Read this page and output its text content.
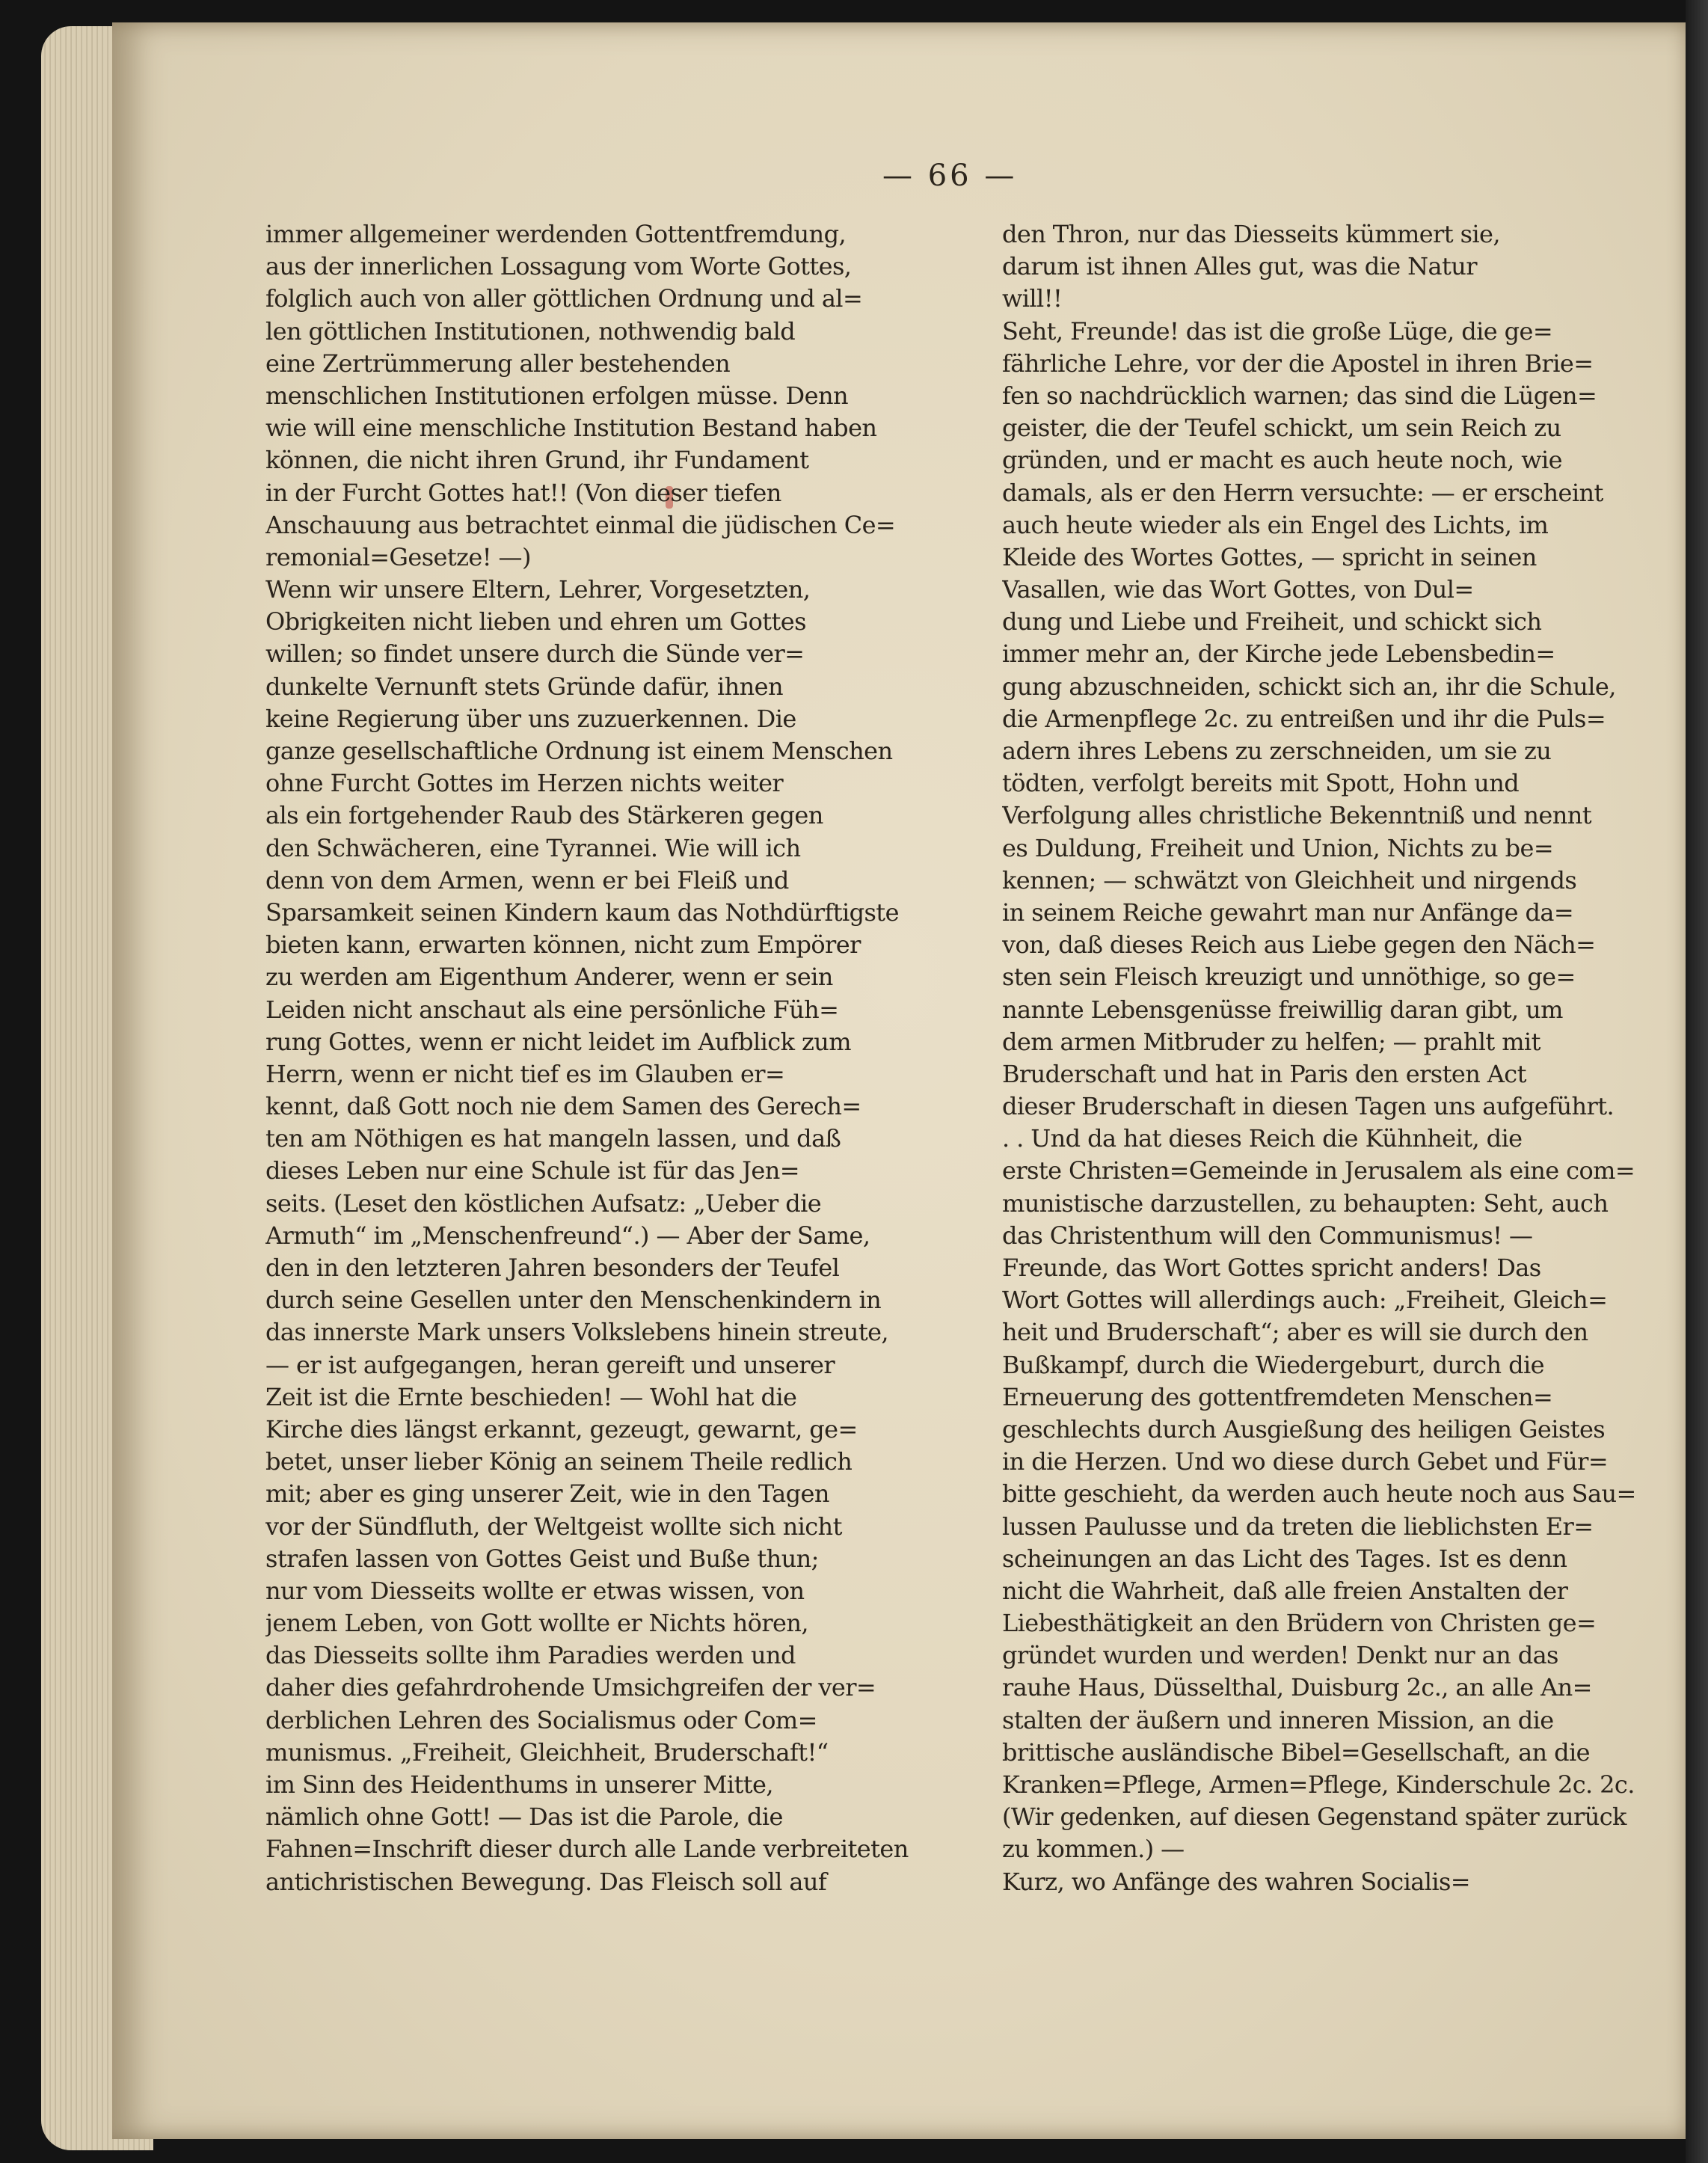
— 66 —
immer allgemeiner werdenden Gottentfremdung,
aus der innerlichen Lossagung vom Worte Gottes,
folglich auch von aller göttlichen Ordnung und al=
len göttlichen Institutionen, nothwendig bald
eine Zertrümmerung aller bestehenden
menschlichen Institutionen erfolgen müsse. Denn
wie will eine menschliche Institution Bestand haben
können, die nicht ihren Grund, ihr Fundament
in der Furcht Gottes hat!! (Von dieser tiefen
Anschauung aus betrachtet einmal die jüdischen Ce=
remonial=Gesetze! —)
Wenn wir unsere Eltern, Lehrer, Vorgesetzten,
Obrigkeiten nicht lieben und ehren um Gottes
willen; so findet unsere durch die Sünde ver=
dunkelte Vernunft stets Gründe dafür, ihnen
keine Regierung über uns zuzuerkennen. Die
ganze gesellschaftliche Ordnung ist einem Menschen
ohne Furcht Gottes im Herzen nichts weiter
als ein fortgehender Raub des Stärkeren gegen
den Schwächeren, eine Tyrannei. Wie will ich
denn von dem Armen, wenn er bei Fleiß und
Sparsamkeit seinen Kindern kaum das Nothdürftigste
bieten kann, erwarten können, nicht zum Empörer
zu werden am Eigenthum Anderer, wenn er sein
Leiden nicht anschaut als eine persönliche Füh=
rung Gottes, wenn er nicht leidet im Aufblick zum
Herrn, wenn er nicht tief es im Glauben er=
kennt, daß Gott noch nie dem Samen des Gerech=
ten am Nöthigen es hat mangeln lassen, und daß
dieses Leben nur eine Schule ist für das Jen=
seits. (Leset den köstlichen Aufsatz: „Ueber die
Armuth“ im „Menschenfreund“.) — Aber der Same,
den in den letzteren Jahren besonders der Teufel
durch seine Gesellen unter den Menschenkindern in
das innerste Mark unsers Volkslebens hinein streute,
— er ist aufgegangen, heran gereift und unserer
Zeit ist die Ernte beschieden! — Wohl hat die
Kirche dies längst erkannt, gezeugt, gewarnt, ge=
betet, unser lieber König an seinem Theile redlich
mit; aber es ging unserer Zeit, wie in den Tagen
vor der Sündfluth, der Weltgeist wollte sich nicht
strafen lassen von Gottes Geist und Buße thun;
nur vom Diesseits wollte er etwas wissen, von
jenem Leben, von Gott wollte er Nichts hören,
das Diesseits sollte ihm Paradies werden und
daher dies gefahrdrohende Umsichgreifen der ver=
derblichen Lehren des Socialismus oder Com=
munismus. „Freiheit, Gleichheit, Bruderschaft!“
im Sinn des Heidenthums in unserer Mitte,
nämlich ohne Gott! — Das ist die Parole, die
Fahnen=Inschrift dieser durch alle Lande verbreiteten
antichristischen Bewegung. Das Fleisch soll auf
den Thron, nur das Diesseits kümmert sie,
darum ist ihnen Alles gut, was die Natur
will!!
Seht, Freunde! das ist die große Lüge, die ge=
fährliche Lehre, vor der die Apostel in ihren Brie=
fen so nachdrücklich warnen; das sind die Lügen=
geister, die der Teufel schickt, um sein Reich zu
gründen, und er macht es auch heute noch, wie
damals, als er den Herrn versuchte: — er erscheint
auch heute wieder als ein Engel des Lichts, im
Kleide des Wortes Gottes, — spricht in seinen
Vasallen, wie das Wort Gottes, von Dul=
dung und Liebe und Freiheit, und schickt sich
immer mehr an, der Kirche jede Lebensbedin=
gung abzuschneiden, schickt sich an, ihr die Schule,
die Armenpflege 2c. zu entreißen und ihr die Puls=
adern ihres Lebens zu zerschneiden, um sie zu
tödten, verfolgt bereits mit Spott, Hohn und
Verfolgung alles christliche Bekenntniß und nennt
es Duldung, Freiheit und Union, Nichts zu be=
kennen; — schwätzt von Gleichheit und nirgends
in seinem Reiche gewahrt man nur Anfänge da=
von, daß dieses Reich aus Liebe gegen den Näch=
sten sein Fleisch kreuzigt und unnöthige, so ge=
nannte Lebensgenüsse freiwillig daran gibt, um
dem armen Mitbruder zu helfen; — prahlt mit
Bruderschaft und hat in Paris den ersten Act
dieser Bruderschaft in diesen Tagen uns aufgeführt.
. . Und da hat dieses Reich die Kühnheit, die
erste Christen=Gemeinde in Jerusalem als eine com=
munistische darzustellen, zu behaupten: Seht, auch
das Christenthum will den Communismus! —
Freunde, das Wort Gottes spricht anders! Das
Wort Gottes will allerdings auch: „Freiheit, Gleich=
heit und Bruderschaft“; aber es will sie durch den
Bußkampf, durch die Wiedergeburt, durch die
Erneuerung des gottentfremdeten Menschen=
geschlechts durch Ausgießung des heiligen Geistes
in die Herzen. Und wo diese durch Gebet und Für=
bitte geschieht, da werden auch heute noch aus Sau=
lussen Paulusse und da treten die lieblichsten Er=
scheinungen an das Licht des Tages. Ist es denn
nicht die Wahrheit, daß alle freien Anstalten der
Liebesthätigkeit an den Brüdern von Christen ge=
gründet wurden und werden! Denkt nur an das
rauhe Haus, Düsselthal, Duisburg 2c., an alle An=
stalten der äußern und inneren Mission, an die
brittische ausländische Bibel=Gesellschaft, an die
Kranken=Pflege, Armen=Pflege, Kinderschule 2c. 2c.
(Wir gedenken, auf diesen Gegenstand später zurück
zu kommen.) —
Kurz, wo Anfänge des wahren Socialis=
